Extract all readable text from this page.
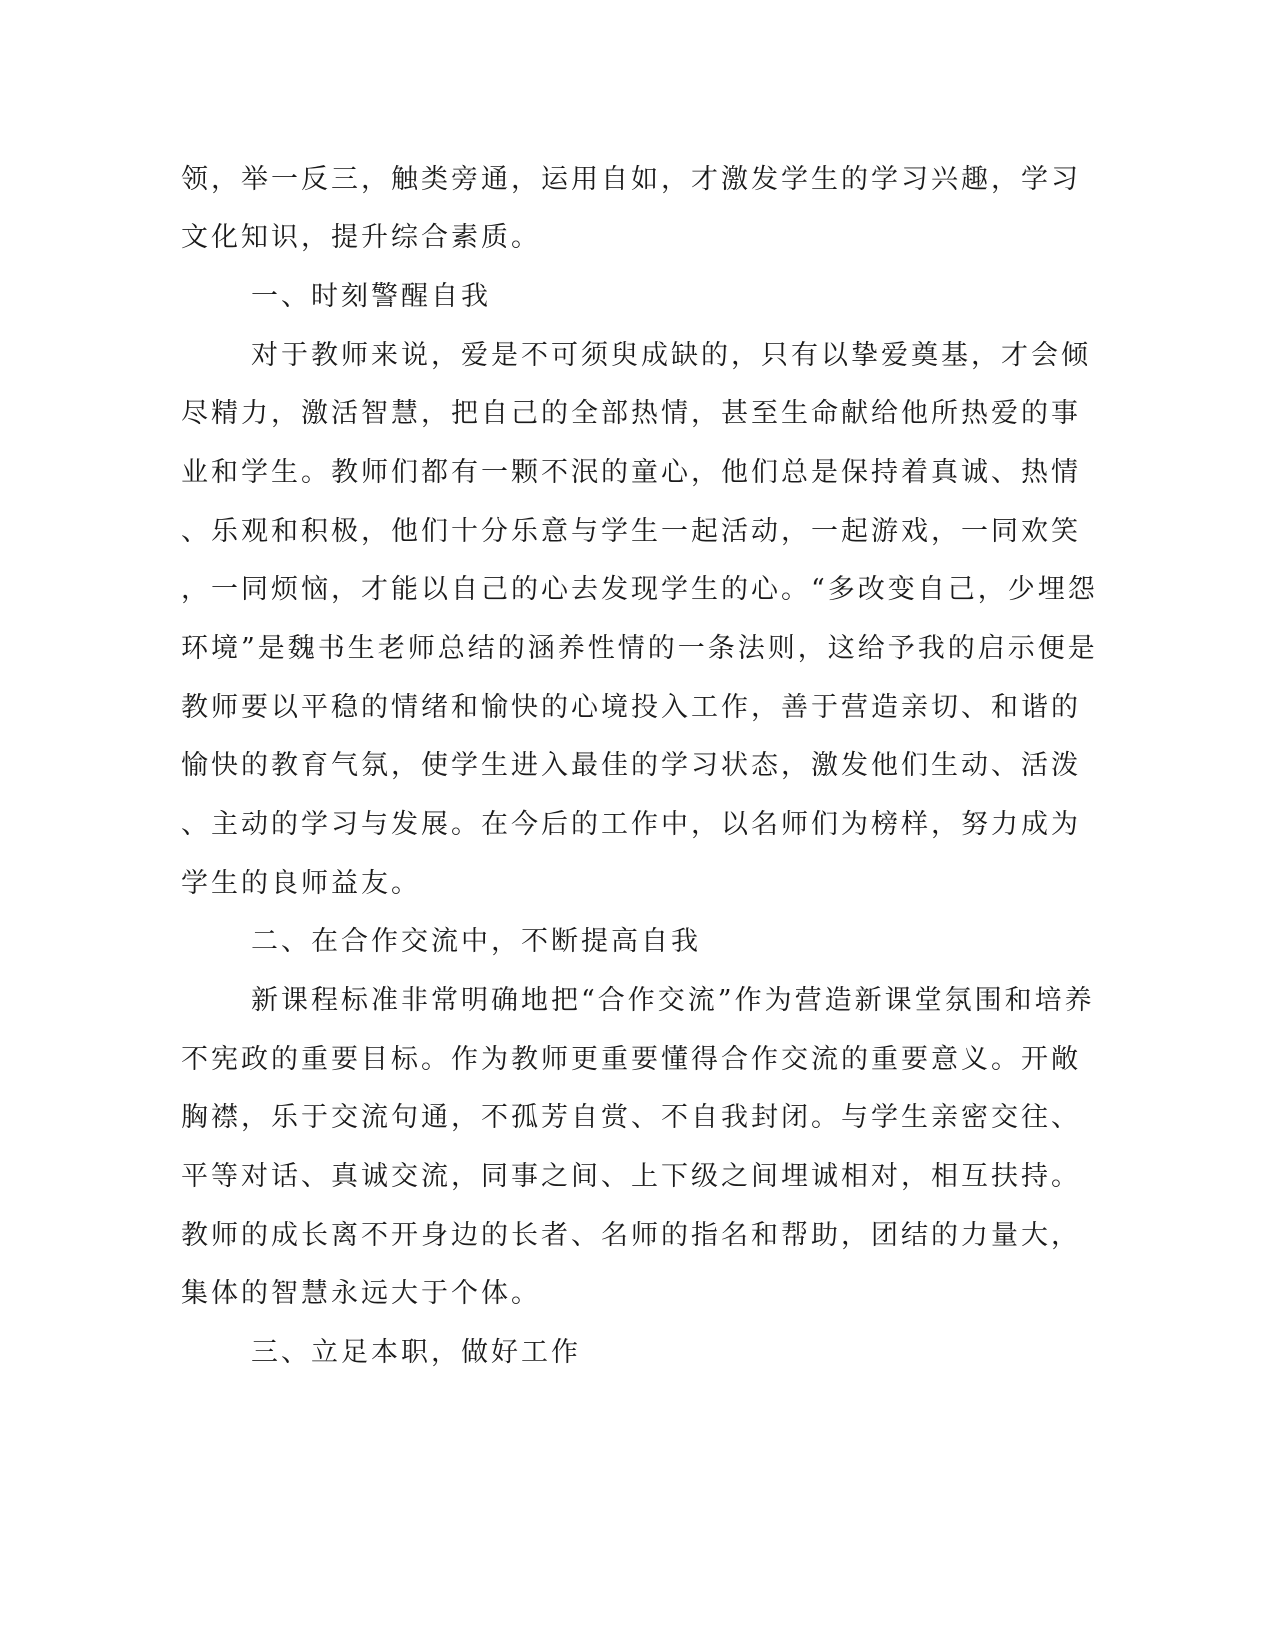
领，举一反三，触类旁通，运用自如，才激发学生的学习兴趣，学习
文化知识，提升综合素质。
一、时刻警醒自我
对于教师来说，爱是不可须臾成缺的，只有以挚爱奠基，才会倾
尽精力，激活智慧，把自己的全部热情，甚至生命献给他所热爱的事
业和学生。教师们都有一颗不泯的童心，他们总是保持着真诚、热情
、乐观和积极，他们十分乐意与学生一起活动，一起游戏，一同欢笑
，一同烦恼，才能以自己的心去发现学生的心。“多改变自己，少埋怨
环境”是魏书生老师总结的涵养性情的一条法则，这给予我的启示便是
教师要以平稳的情绪和愉快的心境投入工作，善于营造亲切、和谐的
愉快的教育气氛，使学生进入最佳的学习状态，激发他们生动、活泼
、主动的学习与发展。在今后的工作中，以名师们为榜样，努力成为
学生的良师益友。
二、在合作交流中，不断提高自我
新课程标准非常明确地把“合作交流”作为营造新课堂氛围和培养
不宪政的重要目标。作为教师更重要懂得合作交流的重要意义。开敞
胸襟，乐于交流句通，不孤芳自赏、不自我封闭。与学生亲密交往、
平等对话、真诚交流，同事之间、上下级之间埋诚相对，相互扶持。
教师的成长离不开身边的长者、名师的指名和帮助，团结的力量大，
集体的智慧永远大于个体。
三、立足本职，做好工作
